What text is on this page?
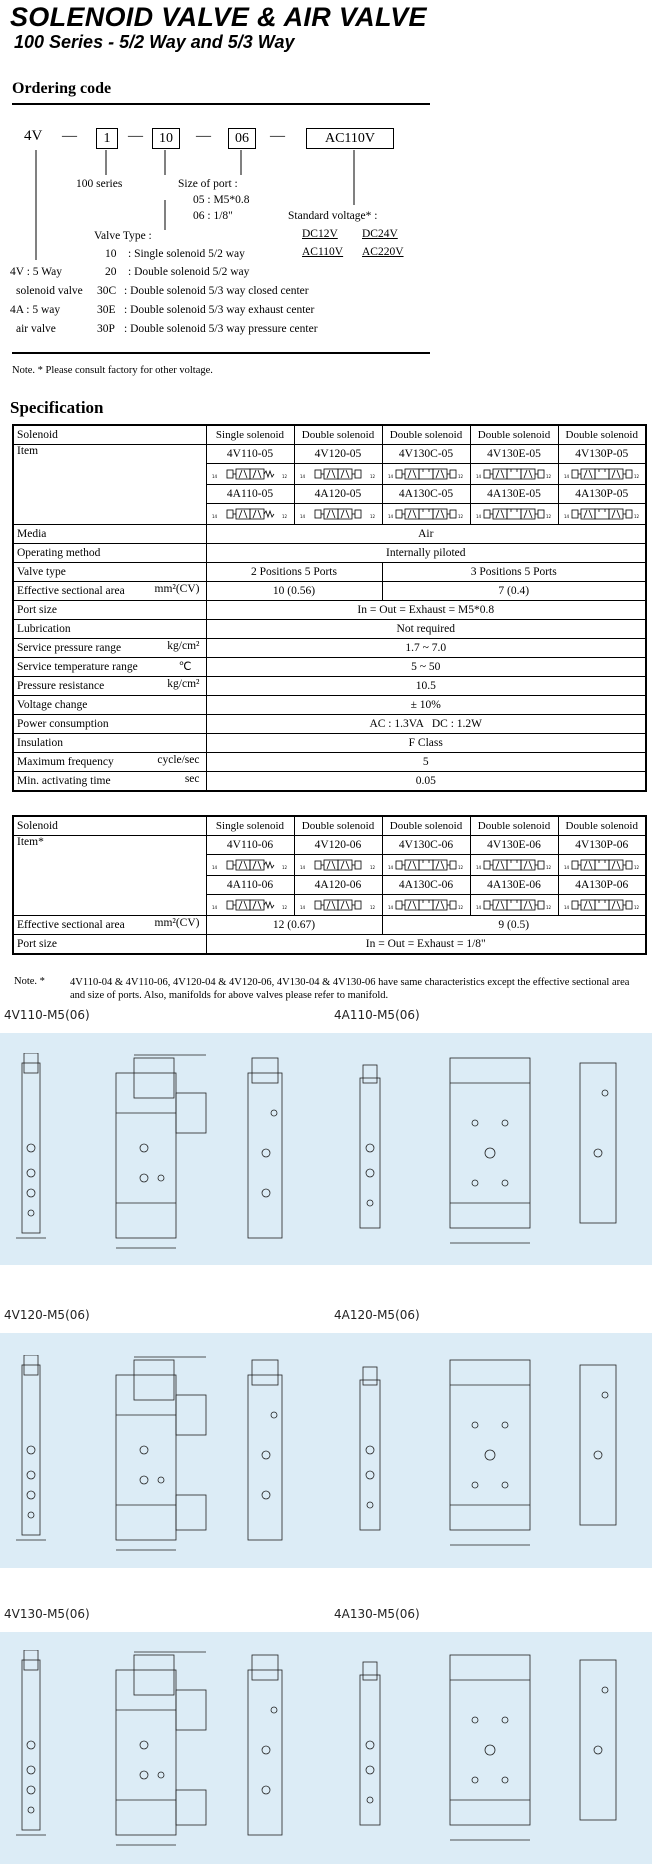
SOLENOID VALVE & AIR VALVE
100 Series - 5/2 Way and 5/3 Way
Ordering code
4V —	1	—	10	—	06	—	AC110V
100 series	Size of port :
05 : M5*0.8
06 : 1/8"	Standard voltage* :
DC12V DC24V
AC110V AC220V
Valve Type :
10 : Single solenoid 5/2 way
20 : Double solenoid 5/2 way
30C : Double solenoid 5/3 way closed center
30E : Double solenoid 5/3 way exhaust center
30P : Double solenoid 5/3 way pressure center
4V : 5 Way
solenoid valve
4A : 5 way
air valve
Note. * Please consult factory for other voltage.
Specification
Solenoid	Single solenoid	Double solenoid	Double solenoid	Double solenoid	Double solenoid
Item	4V110-05	4V120-05	4V130C-05	4V130E-05	4V130P-05

14 12	14 12	14 12	14 12	14 12

	4A110-05	4A120-05	4A130C-05	4A130E-05	4A130P-05

14 12	14 12	14 12	14 12	14 12

Media	Air				
Operating method	Internally piloted				
Valve type	2 Positions 5 Ports		3 Positions 5 Ports		
Effective sectional area mm²(CV)	10 (0.56)		7 (0.4)		
Port size	In = Out = Exhaust = M5*0.8				
Lubrication	Not required				
Service pressure range kg/cm²	1.7 ~ 7.0				
Service temperature range ℃	5 ~ 50				
Pressure resistance kg/cm²	10.5				
Voltage change	± 10%				
Power consumption	AC : 1.3VA   DC : 1.2W				
Insulation	F Class				
Maximum frequency cycle/sec	5				
Min. activating time sec	0.05				
Solenoid	Single solenoid	Double solenoid	Double solenoid	Double solenoid	Double solenoid
Item*	4V110-06	4V120-06	4V130C-06	4V130E-06	4V130P-06

14 12	14 12	14 12	14 12	14 12

	4A110-06	4A120-06	4A130C-06	4A130E-06	4A130P-06

14 12	14 12	14 12	14 12	14 12

Effective sectional area mm²(CV)	12 (0.67)		9 (0.5)		
Port size	In = Out = Exhaust = 1/8"				
Note. * 4V110-04 & 4V110-06, 4V120-04 & 4V120-06, 4V130-04 & 4V130-06 have same characteristics except the effective sectional area and size of ports. Also, manifolds for above valves please refer to manifold.
4V110-M5(06)	4A110-M5(06)
4V120-M5(06)	4A120-M5(06)
4V130-M5(06)	4A130-M5(06)
